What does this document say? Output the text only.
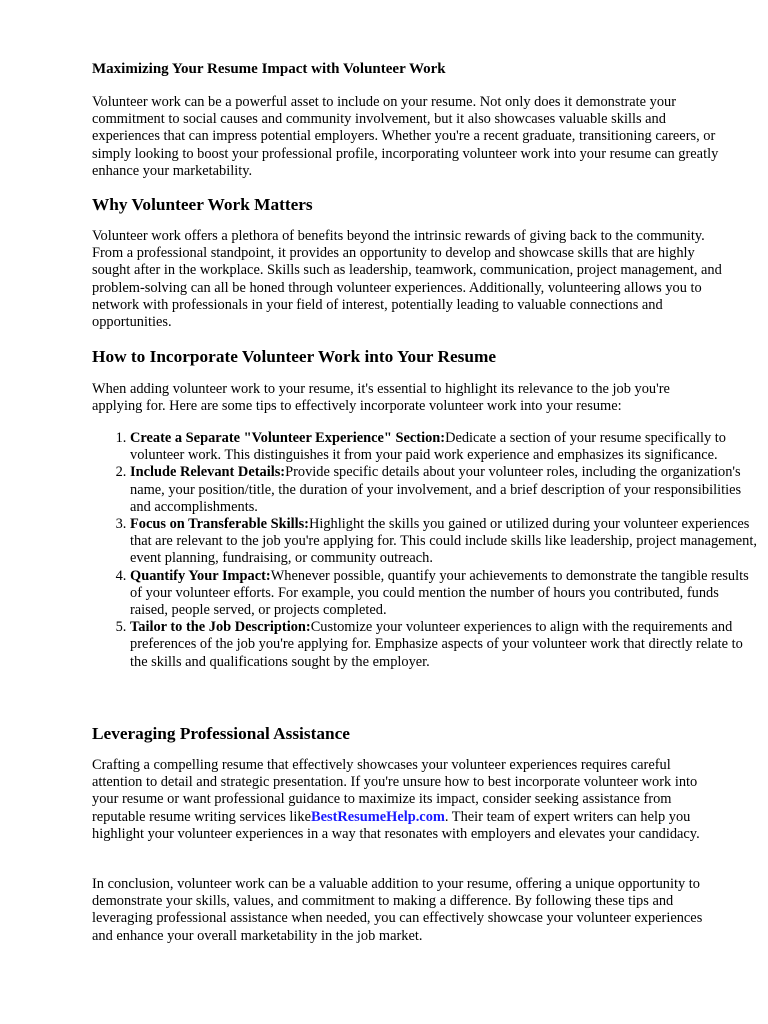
Maximizing Your Resume Impact with Volunteer Work

Volunteer work can be a powerful asset to include on your resume. Not only does it demonstrate your commitment to social causes and community involvement, but it also showcases valuable skills and experiences that can impress potential employers. Whether you're a recent graduate, transitioning careers, or simply looking to boost your professional profile, incorporating volunteer work into your resume can greatly enhance your marketability.

Why Volunteer Work Matters

Volunteer work offers a plethora of benefits beyond the intrinsic rewards of giving back to the community. From a professional standpoint, it provides an opportunity to develop and showcase skills that are highly sought after in the workplace. Skills such as leadership, teamwork, communication, project management, and problem-solving can all be honed through volunteer experiences. Additionally, volunteering allows you to network with professionals in your field of interest, potentially leading to valuable connections and opportunities.

How to Incorporate Volunteer Work into Your Resume

When adding volunteer work to your resume, it's essential to highlight its relevance to the job you're applying for. Here are some tips to effectively incorporate volunteer work into your resume:

1. Create a Separate "Volunteer Experience" Section:Dedicate a section of your resume specifically to volunteer work. This distinguishes it from your paid work experience and emphasizes its significance.
2. Include Relevant Details:Provide specific details about your volunteer roles, including the organization's name, your position/title, the duration of your involvement, and a brief description of your responsibilities and accomplishments.
3. Focus on Transferable Skills:Highlight the skills you gained or utilized during your volunteer experiences that are relevant to the job you're applying for. This could include skills like leadership, project management, event planning, fundraising, or community outreach.
4. Quantify Your Impact:Whenever possible, quantify your achievements to demonstrate the tangible results of your volunteer efforts. For example, you could mention the number of hours you contributed, funds raised, people served, or projects completed.
5. Tailor to the Job Description:Customize your volunteer experiences to align with the requirements and preferences of the job you're applying for. Emphasize aspects of your volunteer work that directly relate to the skills and qualifications sought by the employer.
Leveraging Professional Assistance

Crafting a compelling resume that effectively showcases your volunteer experiences requires careful attention to detail and strategic presentation. If you're unsure how to best incorporate volunteer work into your resume or want professional guidance to maximize its impact, consider seeking assistance from reputable resume writing services likeBestResumeHelp.com. Their team of expert writers can help you highlight your volunteer experiences in a way that resonates with employers and elevates your candidacy.

In conclusion, volunteer work can be a valuable addition to your resume, offering a unique opportunity to demonstrate your skills, values, and commitment to making a difference. By following these tips and leveraging professional assistance when needed, you can effectively showcase your volunteer experiences and enhance your overall marketability in the job market.
